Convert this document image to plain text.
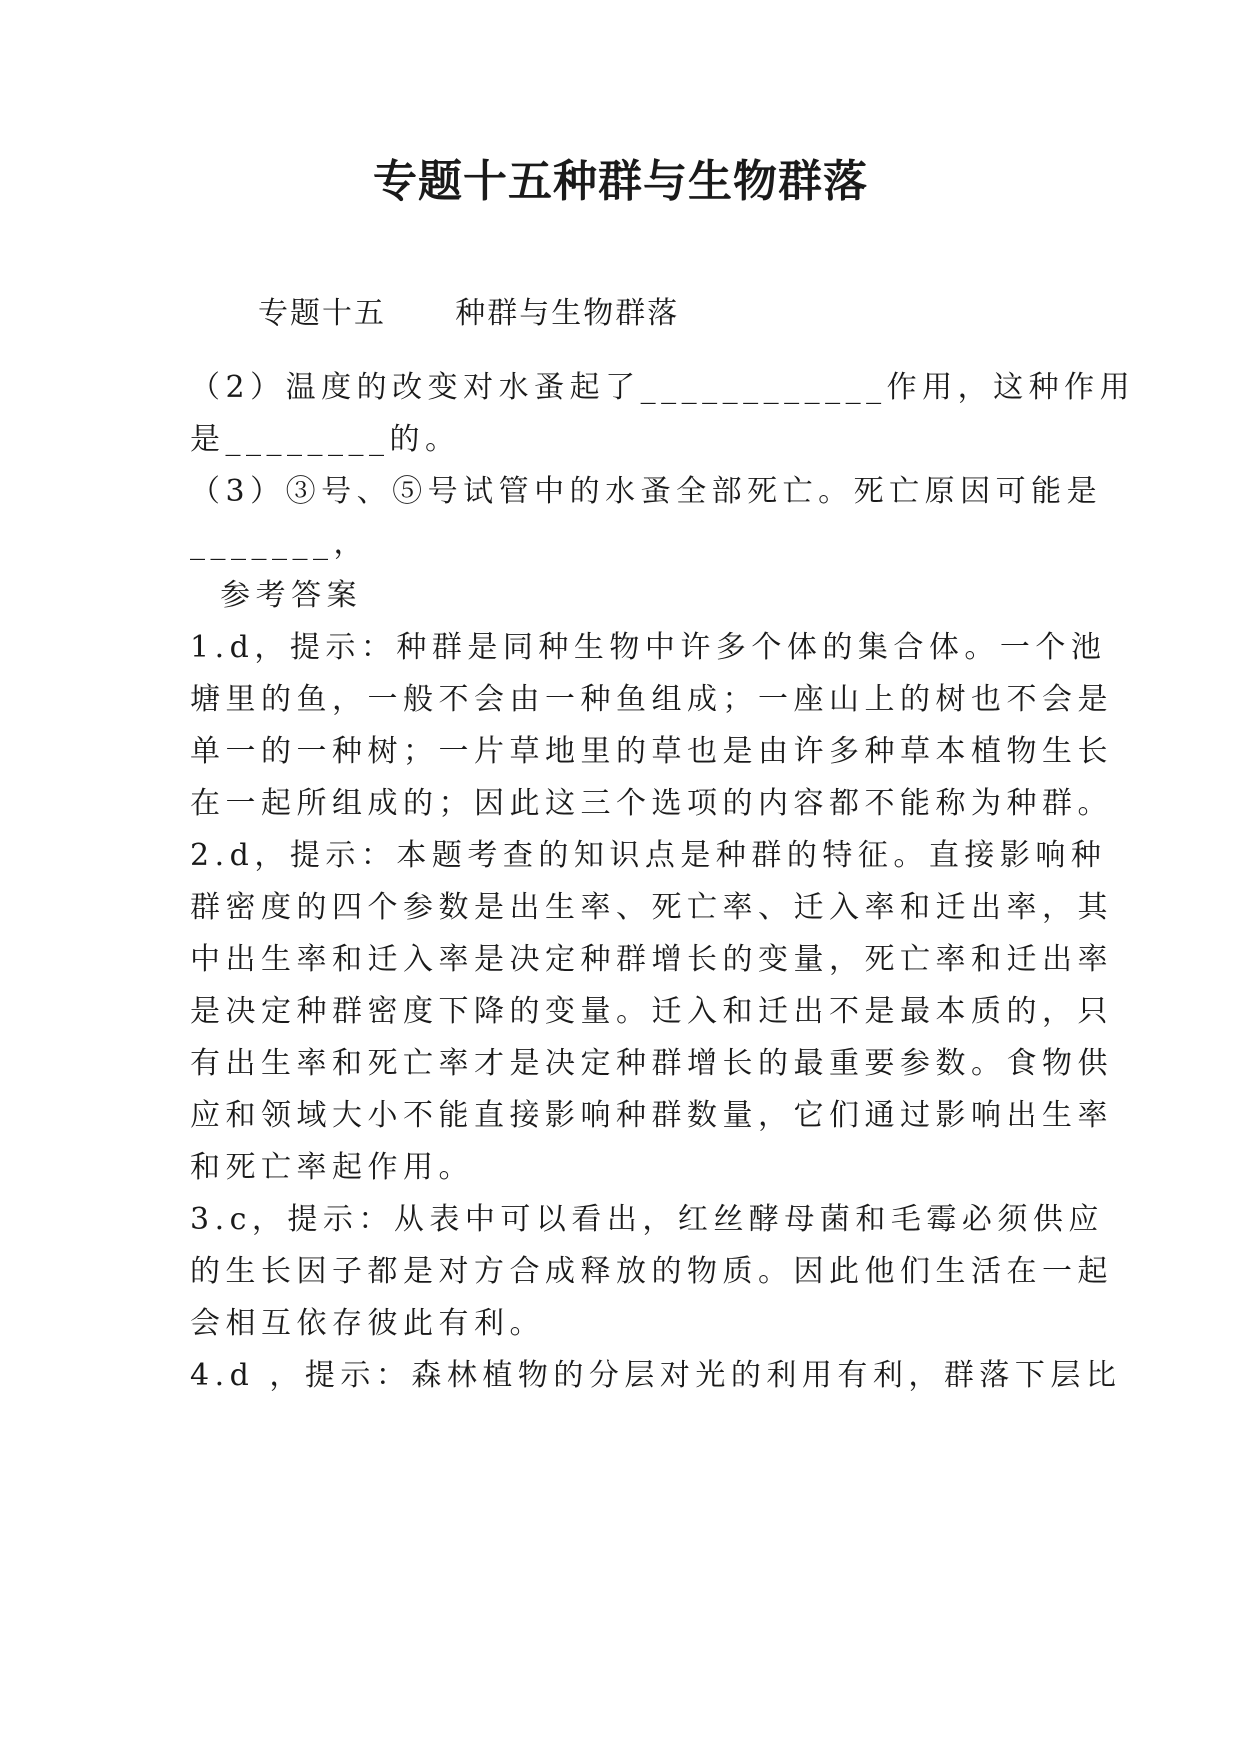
专题十五种群与生物群落
专题十五      种群与生物群落
（2）温度的改变对水蚤起了____________作用，这种作用
是________的。
（3）③号、⑤号试管中的水蚤全部死亡。死亡原因可能是
_______，
参考答案
1.d，提示：种群是同种生物中许多个体的集合体。一个池
塘里的鱼，一般不会由一种鱼组成；一座山上的树也不会是
单一的一种树；一片草地里的草也是由许多种草本植物生长
在一起所组成的；因此这三个选项的内容都不能称为种群。
2.d，提示：本题考查的知识点是种群的特征。直接影响种
群密度的四个参数是出生率、死亡率、迁入率和迁出率，其
中出生率和迁入率是决定种群增长的变量，死亡率和迁出率
是决定种群密度下降的变量。迁入和迁出不是最本质的，只
有出生率和死亡率才是决定种群增长的最重要参数。食物供
应和领域大小不能直接影响种群数量，它们通过影响出生率
和死亡率起作用。
3.c，提示：从表中可以看出，红丝酵母菌和毛霉必须供应
的生长因子都是对方合成释放的物质。因此他们生活在一起
会相互依存彼此有利。
4.d ，提示：森林植物的分层对光的利用有利，群落下层比
